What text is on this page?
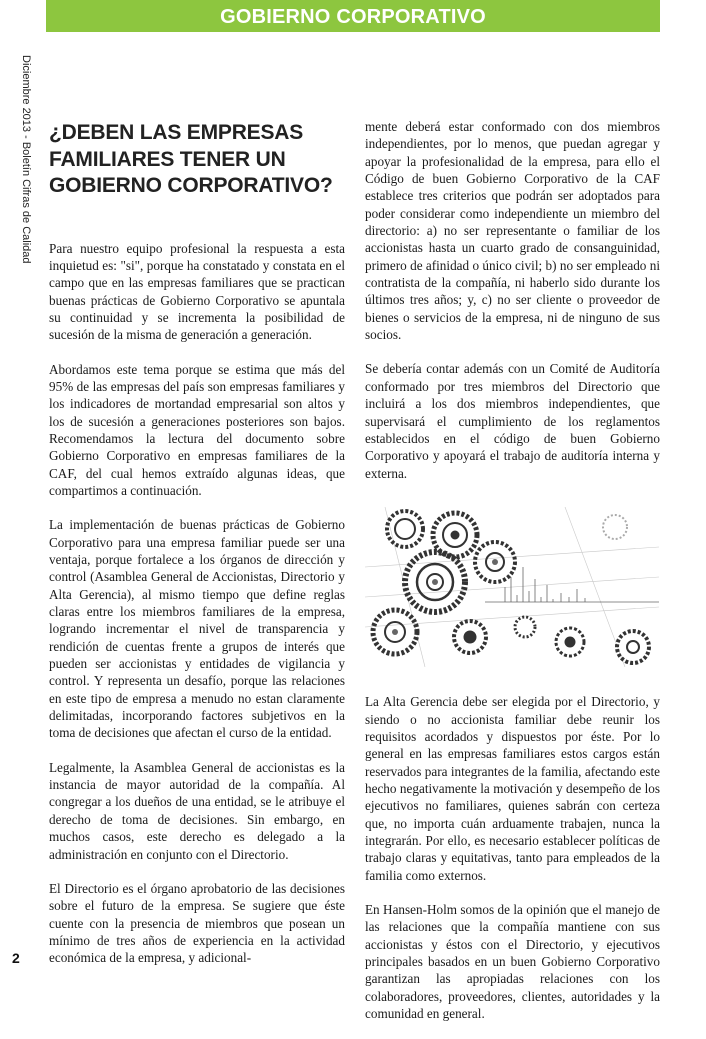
GOBIERNO CORPORATIVO
Diciembre 2013 - Boletín Cifras de Calidad
2
¿DEBEN LAS EMPRESAS FAMILIARES TENER UN GOBIERNO CORPORATIVO?

Para nuestro equipo profesional la respuesta a esta inquietud es: "si", porque ha constatado y constata en el campo que en las empresas familiares que se practican buenas prácticas de Gobierno Corporativo se apuntala su continuidad y se incrementa la posibilidad de sucesión de la misma de generación a generación.

Abordamos este tema porque se estima que más del 95% de las empresas del país son empresas familiares y los indicadores de mortandad empresarial son altos y los de sucesión a generaciones posteriores son bajos. Recomendamos la lectura del documento sobre Gobierno Corporativo en empresas familiares de la CAF, del cual hemos extraído algunas ideas, que compartimos a continuación.

La implementación de buenas prácticas de Gobierno Corporativo para una empresa familiar puede ser una ventaja, porque fortalece a los órganos de dirección y control (Asamblea General de Accionistas, Directorio y Alta Gerencia), al mismo tiempo que define reglas claras entre los miembros familiares de la empresa, logrando incrementar el nivel de transparencia y rendición de cuentas frente a grupos de interés que pueden ser accionistas y entidades de vigilancia y control. Y representa un desafío, porque las relaciones en este tipo de empresa a menudo no estan claramente delimitadas, incorporando factores subjetivos en la toma de decisiones que afectan el curso de la entidad.

Legalmente, la Asamblea General de accionistas es la instancia de mayor autoridad de la compañía. Al congregar a los dueños de una entidad, se le atribuye el derecho de toma de decisiones. Sin embargo, en muchos casos, este derecho es delegado a la administración en conjunto con el Directorio.

El Directorio es el órgano aprobatorio de las decisiones sobre el futuro de la empresa. Se sugiere que éste cuente con la presencia de miembros que posean un mínimo de tres años de experiencia en la actividad económica de la empresa, y adicional-

mente deberá estar conformado con dos miembros independientes, por lo menos, que puedan agregar y apoyar la profesionalidad de la empresa, para ello el Código de buen Gobierno Corporativo de la CAF establece tres criterios que podrán ser adoptados para poder considerar como independiente un miembro del directorio: a) no ser representante o familiar de los accionistas hasta un cuarto grado de consanguinidad, primero de afinidad o único civil; b) no ser empleado ni contratista de la compañía, ni haberlo sido durante los últimos tres años; y, c) no ser cliente o proveedor de bienes o servicios de la empresa, ni de ninguno de sus socios.

Se debería contar además con un Comité de Auditoría conformado por tres miembros del Directorio que incluirá a los dos miembros independientes, que supervisará el cumplimiento de los reglamentos establecidos en el código de buen Gobierno Corporativo y apoyará el trabajo de auditoría interna y externa.

La Alta Gerencia debe ser elegida por el Directorio, y siendo o no accionista familiar debe reunir los requisitos acordados y dispuestos por éste. Por lo general en las empresas familiares estos cargos están reservados para integrantes de la familia, afectando este hecho negativamente la motivación y desempeño de los ejecutivos no familiares, quienes sabrán con certeza que, no importa cuán arduamente trabajen, nunca la integrarán. Por ello, es necesario establecer políticas de trabajo claras y equitativas, tanto para empleados de la familia como externos.

En Hansen-Holm somos de la opinión que el manejo de las relaciones que la compañía mantiene con sus accionistas y éstos con el Directorio, y ejecutivos principales basados en un buen Gobierno Corporativo garantizan las apropiadas relaciones con los colaboradores, proveedores, clientes, autoridades y la comunidad en general.
